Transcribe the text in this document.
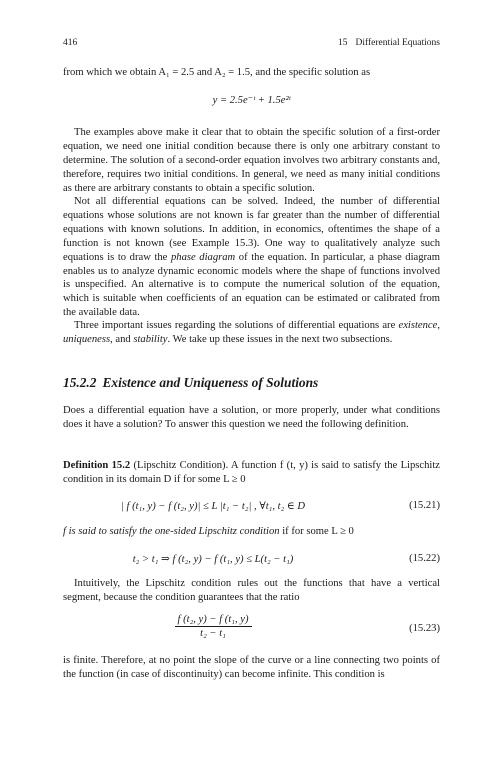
416	15 Differential Equations

from which we obtain A₁ = 2.5 and A₂ = 1.5, and the specific solution as

y = 2.5e⁻ᵗ + 1.5e²ᵗ

The examples above make it clear that to obtain the specific solution of a first-order equation, we need one initial condition because there is only one arbitrary constant to determine. The solution of a second-order equation involves two arbitrary constants and, therefore, requires two initial conditions. In general, we need as many initial conditions as there are arbitrary constants to obtain a specific solution.

Not all differential equations can be solved. Indeed, the number of differential equations whose solutions are not known is far greater than the number of differential equations with known solutions. In addition, in economics, oftentimes the shape of a function is not known (see Example 15.3). One way to qualitatively analyze such equations is to draw the phase diagram of the equation. In particular, a phase diagram enables us to analyze dynamic economic models where the shape of functions involved is unspecified. An alternative is to compute the numerical solution of the equation, which is suitable when coefficients of an equation can be estimated or calibrated from the available data.

Three important issues regarding the solutions of differential equations are existence, uniqueness, and stability. We take up these issues in the next two subsections.

15.2.2 Existence and Uniqueness of Solutions

Does a differential equation have a solution, or more properly, under what conditions does it have a solution? To answer this question we need the following definition.

Definition 15.2 (Lipschitz Condition). A function f (t, y) is said to satisfy the Lipschitz condition in its domain D if for some L ≥ 0

| f (t₁, y) − f (t₂, y)| ≤ L |t₁ − t₂| , ∀t₁, t₂ ∈ D	(15.21)

f is said to satisfy the one-sided Lipschitz condition if for some L ≥ 0

t₂ > t₁ ⇒ f (t₂, y) − f (t₁, y) ≤ L(t₂ − t₁)	(15.22)

Intuitively, the Lipschitz condition rules out the functions that have a vertical segment, because the condition guarantees that the ratio

$\frac{\text{f (t₂, y) − f (t₁, y)}}{\text{t₂ − t₁}}$	(15.23)

is finite. Therefore, at no point the slope of the curve or a line connecting two points of the function (in case of discontinuity) can become infinite. This condition is
